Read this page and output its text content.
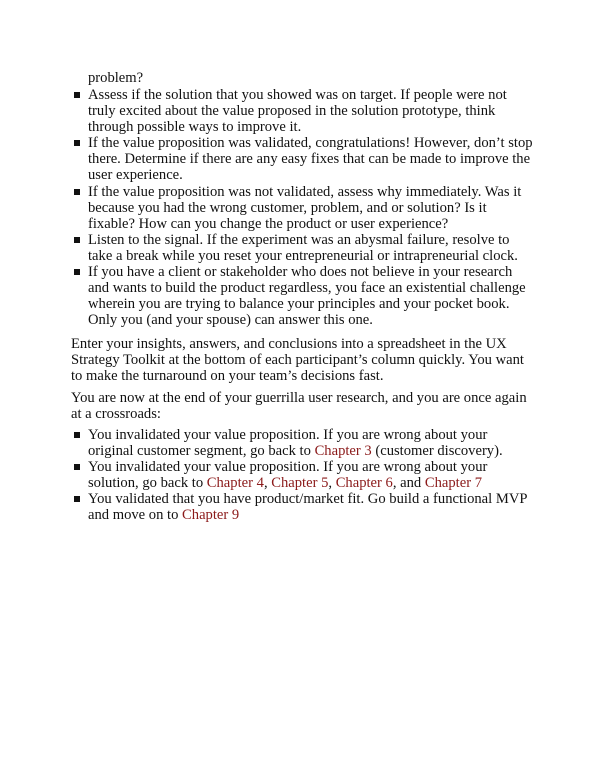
problem?

Assess if the solution that you showed was on target. If people were not truly excited about the value proposed in the solution prototype, think through possible ways to improve it.
If the value proposition was validated, congratulations! However, don’t stop there. Determine if there are any easy fixes that can be made to improve the user experience.
If the value proposition was not validated, assess why immediately. Was it because you had the wrong customer, problem, and or solution? Is it fixable? How can you change the product or user experience?
Listen to the signal. If the experiment was an abysmal failure, resolve to take a break while you reset your entrepreneurial or intrapreneurial clock.
If you have a client or stakeholder who does not believe in your research and wants to build the product regardless, you face an existential challenge wherein you are trying to balance your principles and your pocket book. Only you (and your spouse) can answer this one.

Enter your insights, answers, and conclusions into a spreadsheet in the UX Strategy Toolkit at the bottom of each participant’s column quickly. You want to make the turnaround on your team’s decisions fast.

You are now at the end of your guerrilla user research, and you are once again at a crossroads:

You invalidated your value proposition. If you are wrong about your original customer segment, go back to Chapter 3 (customer discovery).
You invalidated your value proposition. If you are wrong about your solution, go back to Chapter 4, Chapter 5, Chapter 6, and Chapter 7
You validated that you have product/market fit. Go build a functional MVP and move on to Chapter 9
